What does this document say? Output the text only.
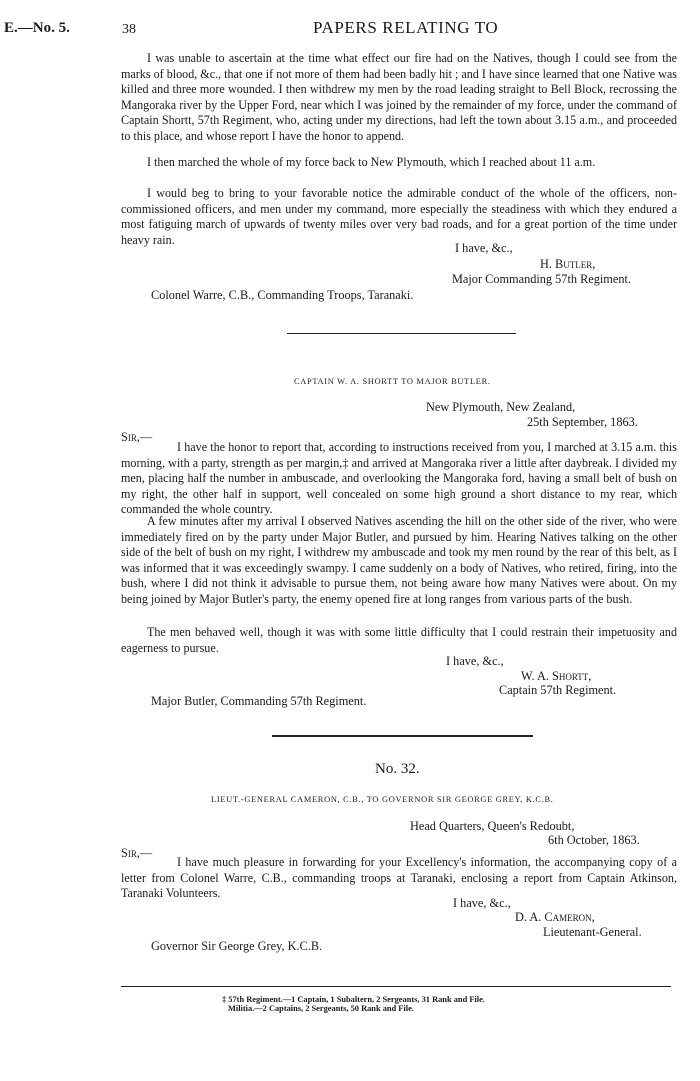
E.—No. 5.	38	PAPERS RELATING TO
I was unable to ascertain at the time what effect our fire had on the Natives, though I could see from the marks of blood, &c., that one if not more of them had been badly hit ; and I have since learned that one Native was killed and three more wounded. I then withdrew my men by the road leading straight to Bell Block, recrossing the Mangoraka river by the Upper Ford, near which I was joined by the remainder of my force, under the command of Captain Shortt, 57th Regiment, who, acting under my directions, had left the town about 3.15 a.m., and proceeded to this place, and whose report I have the honor to append.
I then marched the whole of my force back to New Plymouth, which I reached about 11 a.m.
I would beg to bring to your favorable notice the admirable conduct of the whole of the officers, non-commissioned officers, and men under my command, more especially the steadiness with which they endured a most fatiguing march of upwards of twenty miles over very bad roads, and for a great portion of the time under heavy rain.
I have, &c.,
H. Butler,
Major Commanding 57th Regiment.
Colonel Warre, C.B., Commanding Troops, Taranaki.
CAPTAIN W. A. SHORTT TO MAJOR BUTLER.
New Plymouth, New Zealand,
25th September, 1863.
Sir,—
I have the honor to report that, according to instructions received from you, I marched at 3.15 a.m. this morning, with a party, strength as per margin,‡ and arrived at Mangoraka river a little after daybreak. I divided my men, placing half the number in ambuscade, and overlooking the Mangoraka ford, having a small belt of bush on my right, the other half in support, well concealed on some high ground a short distance to my rear, which commanded the whole country.
A few minutes after my arrival I observed Natives ascending the hill on the other side of the river, who were immediately fired on by the party under Major Butler, and pursued by him. Hearing Natives talking on the other side of the belt of bush on my right, I withdrew my ambuscade and took my men round by the rear of this belt, as I was informed that it was exceedingly swampy. I came suddenly on a body of Natives, who retired, firing, into the bush, where I did not think it advisable to pursue them, not being aware how many Natives were about. On my being joined by Major Butler's party, the enemy opened fire at long ranges from various parts of the bush.
The men behaved well, though it was with some little difficulty that I could restrain their impetuosity and eagerness to pursue.
I have, &c.,
W. A. Shortt,
Captain 57th Regiment.
Major Butler, Commanding 57th Regiment.
No. 32.
LIEUT.-GENERAL CAMERON, C.B., TO GOVERNOR SIR GEORGE GREY, K.C.B.
Head Quarters, Queen's Redoubt,
6th October, 1863.
Sir,—
I have much pleasure in forwarding for your Excellency's information, the accompanying copy of a letter from Colonel Warre, C.B., commanding troops at Taranaki, enclosing a report from Captain Atkinson, Taranaki Volunteers.
I have, &c.,
D. A. Cameron,
Lieutenant-General.
Governor Sir George Grey, K.C.B.
‡ 57th Regiment.—1 Captain, 1 Subaltern, 2 Sergeants, 31 Rank and File.
Militia.—2 Captains, 2 Sergeants, 50 Rank and File.
